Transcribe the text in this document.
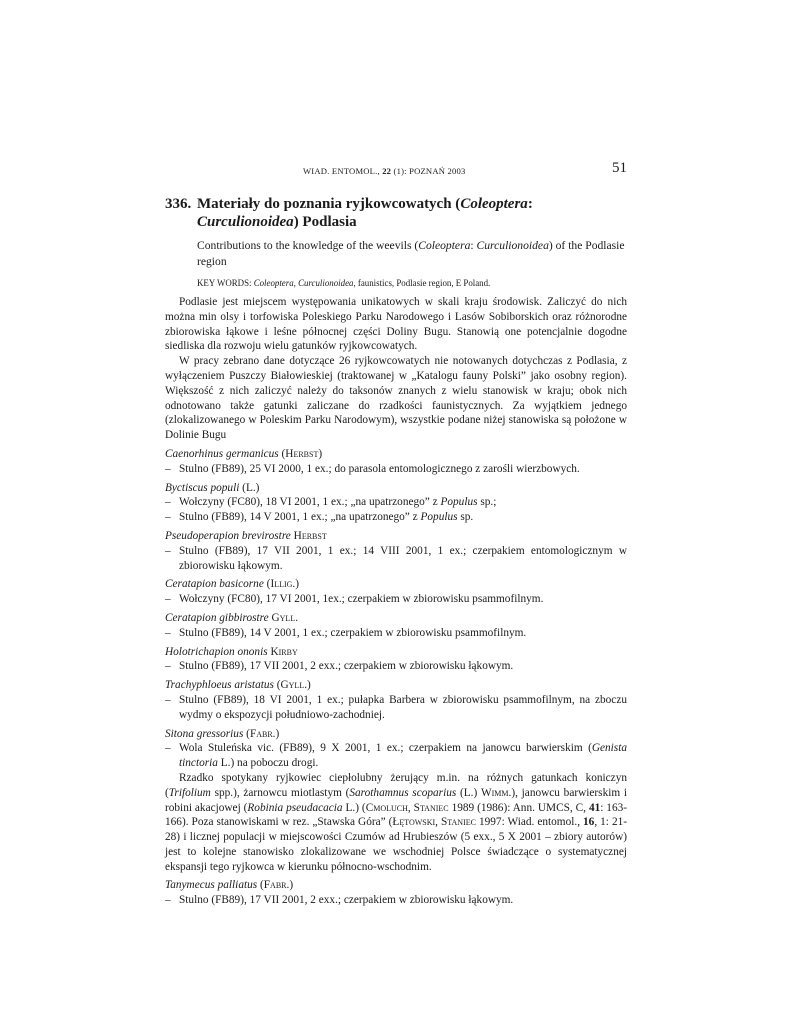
WIAD. ENTOMOL., 22 (1): POZNAŃ 2003	51
336. Materiały do poznania ryjkowcowatych (Coleoptera: Curculionoidea) Podlasia
Contributions to the knowledge of the weevils (Coleoptera: Curculionoidea) of the Podlasie region
KEY WORDS: Coleoptera, Curculionoidea, faunistics, Podlasie region, E Poland.

Podlasie jest miejscem występowania unikatowych w skali kraju środowisk. Zaliczyć do nich można min olsy i torfowiska Poleskiego Parku Narodowego i Lasów Sobiborskich oraz różnorodne zbiorowiska łąkowe i leśne północnej części Doliny Bugu. Stanowią one potencjalnie dogodne siedliska dla rozwoju wielu gatunków ryjkowcowatych.

W pracy zebrano dane dotyczące 26 ryjkowcowatych nie notowanych dotychczas z Podlasia, z wyłączeniem Puszczy Białowieskiej (traktowanej w „Katalogu fauny Polski” jako osobny region). Większość z nich zaliczyć należy do taksonów znanych z wielu stanowisk w kraju; obok nich odnotowano także gatunki zaliczane do rzadkości faunistycznych. Za wyjątkiem jednego (zlokalizowanego w Poleskim Parku Narodowym), wszystkie podane niżej stanowiska są położone w Dolinie Bugu

Caenorhinus germanicus (Herbst)
– Stulno (FB89), 25 VI 2000, 1 ex.; do parasola entomologicznego z zarośli wierzbowych.
Byctiscus populi (L.)
– Wołczyny (FC80), 18 VI 2001, 1 ex.; „na upatrzonego” z Populus sp.;
– Stulno (FB89), 14 V 2001, 1 ex.; „na upatrzonego” z Populus sp.
Pseudoperapion brevirostre Herbst
– Stulno (FB89), 17 VII 2001, 1 ex.; 14 VIII 2001, 1 ex.; czerpakiem entomologicznym w zbiorowisku łąkowym.
Ceratapion basicorne (Illig.)
– Wołczyny (FC80), 17 VI 2001, 1ex.; czerpakiem w zbiorowisku psammofilnym.
Ceratapion gibbirostre Gyll.
– Stulno (FB89), 14 V 2001, 1 ex.; czerpakiem w zbiorowisku psammofilnym.
Holotrichapion ononis Kirby
– Stulno (FB89), 17 VII 2001, 2 exx.; czerpakiem w zbiorowisku łąkowym.
Trachyphloeus aristatus (Gyll.)
– Stulno (FB89), 18 VI 2001, 1 ex.; pułapka Barbera w zbiorowisku psammofilnym, na zboczu wydmy o ekspozycji południowo-zachodniej.
Sitona gressorius (Fabr.)
– Wola Stuleńska vic. (FB89), 9 X 2001, 1 ex.; czerpakiem na janowcu barwierskim (Genista tinctoria L.) na poboczu drogi.

Rzadko spotykany ryjkowiec ciepłolubny żerujący m.in. na różnych gatunkach koniczyn (Trifolium spp.), żarnowcu miotlastym (Sarothamnus scoparius (L.) Wimm.), janowcu barwierskim i robini akacjowej (Robinia pseudacacia L.) (Cmoluch, Staniec 1989 (1986): Ann. UMCS, C, 41: 163-166). Poza stanowiskami w rez. „Stawska Góra” (Łętowski, Staniec 1997: Wiad. entomol., 16, 1: 21-28) i licznej populacji w miejscowości Czumów ad Hrubieszów (5 exx., 5 X 2001 – zbiory autorów) jest to kolejne stanowisko zlokalizowane we wschodniej Polsce świadczące o systematycznej ekspansji tego ryjkowca w kierunku północno-wschodnim.

Tanymecus palliatus (Fabr.)
– Stulno (FB89), 17 VII 2001, 2 exx.; czerpakiem w zbiorowisku łąkowym.
